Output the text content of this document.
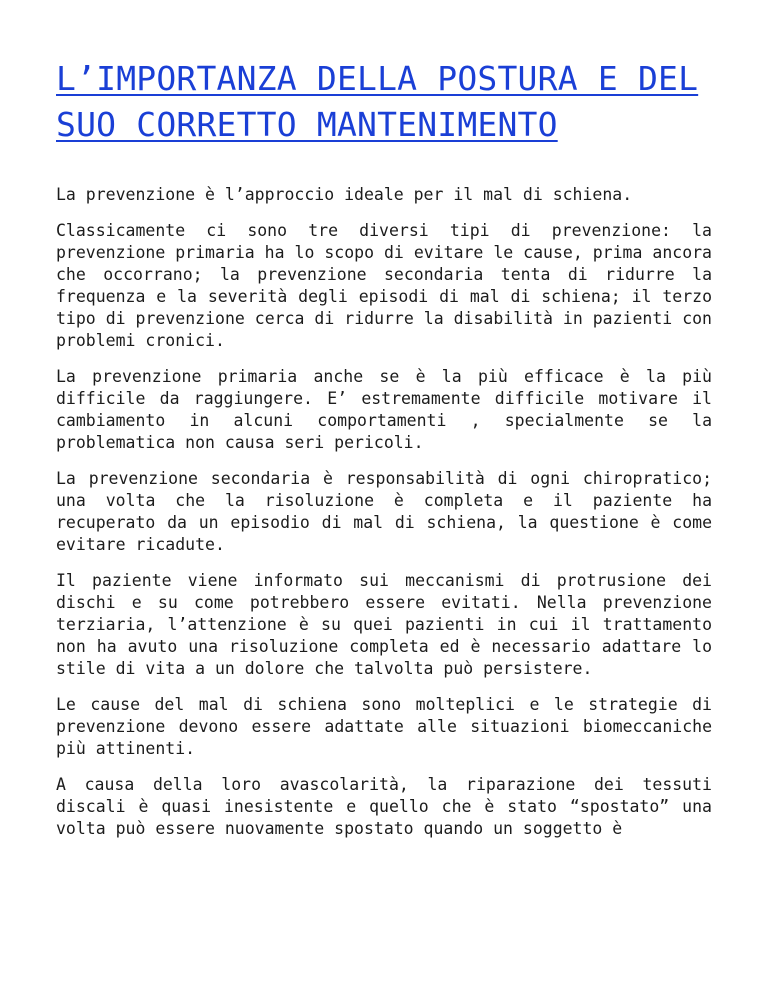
L’IMPORTANZA DELLA POSTURA E DEL SUO CORRETTO MANTENIMENTO

La prevenzione è l’approccio ideale per il mal di schiena.

Classicamente ci sono tre diversi tipi di prevenzione: la prevenzione primaria ha lo scopo di evitare le cause, prima ancora che occorrano; la prevenzione secondaria tenta di ridurre la frequenza e la severità degli episodi di mal di schiena; il terzo tipo di prevenzione cerca di ridurre la disabilità in pazienti con problemi cronici.

La prevenzione primaria anche se è la più efficace è la più difficile da raggiungere. E’ estremamente difficile motivare il cambiamento in alcuni comportamenti , specialmente se la problematica non causa seri pericoli.

La prevenzione secondaria è responsabilità di ogni chiropratico; una volta che la risoluzione è completa e il paziente ha recuperato da un episodio di mal di schiena, la questione è come evitare ricadute.

Il paziente viene informato sui meccanismi di protrusione dei dischi e su come potrebbero essere evitati. Nella prevenzione terziaria, l’attenzione è su quei pazienti in cui il trattamento non ha avuto una risoluzione completa ed è necessario adattare lo stile di vita a un dolore che talvolta può persistere.

Le cause del mal di schiena sono molteplici e le strategie di prevenzione devono essere adattate alle situazioni biomeccaniche più attinenti.

A causa della loro avascolarità, la riparazione dei tessuti discali è quasi inesistente e quello che è stato “spostato” una volta può essere nuovamente spostato quando un soggetto è
